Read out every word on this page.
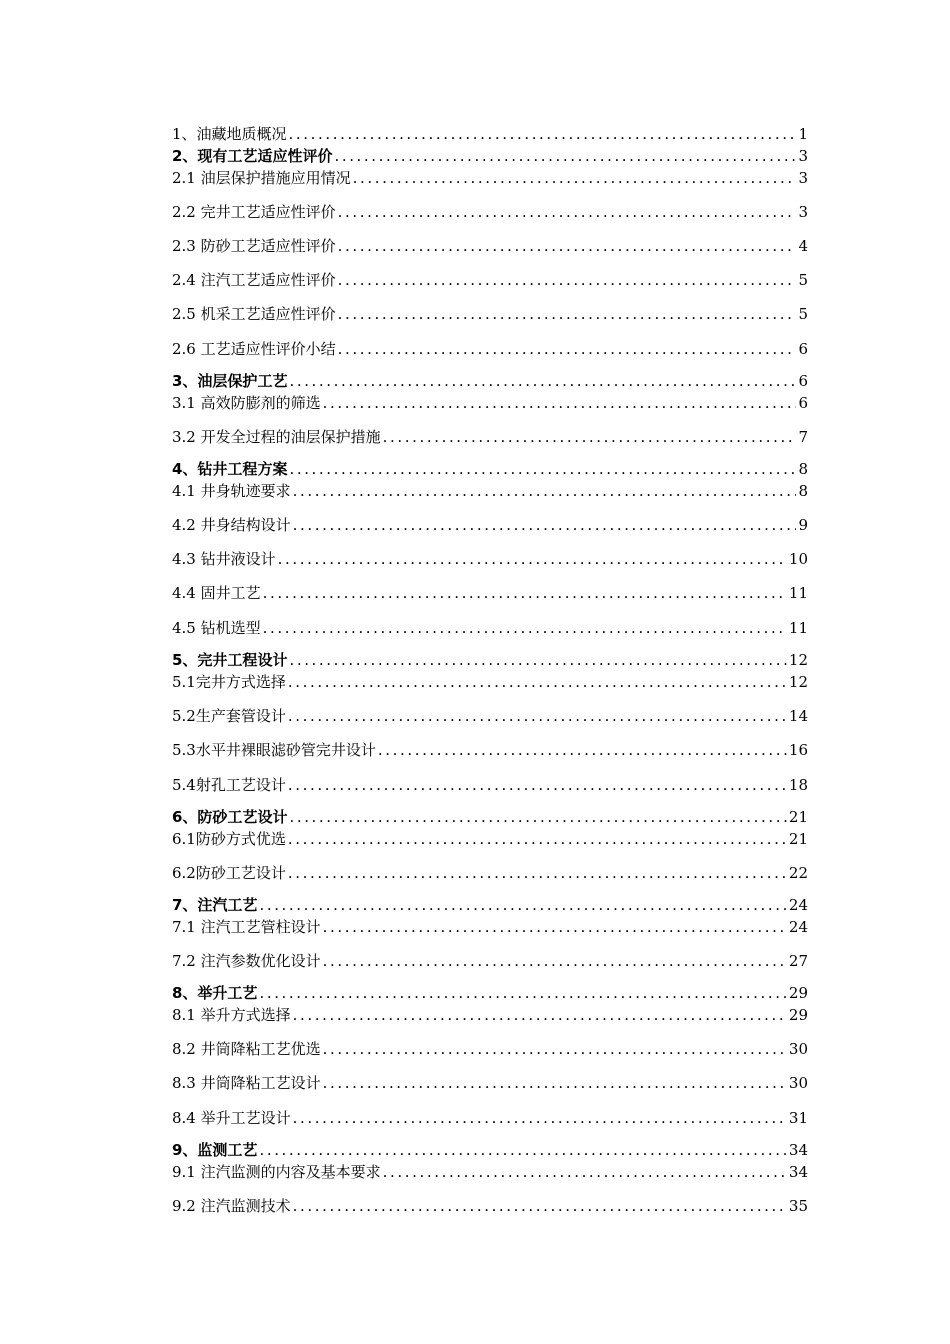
1、油藏地质概况 .....	1
2、现有工艺适应性评价 .....	3
2.1 油层保护措施应用情况 .....	3
2.2 完井工艺适应性评价 .....	3
2.3 防砂工艺适应性评价 .....	4
2.4 注汽工艺适应性评价 .....	5
2.5 机采工艺适应性评价 .....	5
2.6 工艺适应性评价小结 .....	6
3、油层保护工艺 .....	6
3.1 高效防膨剂的筛选 .....	6
3.2 开发全过程的油层保护措施 .....	7
4、钻井工程方案 .....	8
4.1 井身轨迹要求 .....	8
4.2 井身结构设计 .....	9
4.3 钻井液设计 .....	10
4.4 固井工艺 .....	11
4.5 钻机选型 .....	11
5、完井工程设计 .....	12
5.1完井方式选择 .....	12
5.2生产套管设计 .....	14
5.3水平井裸眼滤砂管完井设计 .....	16
5.4射孔工艺设计 .....	18
6、防砂工艺设计 .....	21
6.1防砂方式优选 .....	21
6.2防砂工艺设计 .....	22
7、注汽工艺 .....	24
7.1 注汽工艺管柱设计 .....	24
7.2 注汽参数优化设计 .....	27
8、举升工艺 .....	29
8.1 举升方式选择 .....	29
8.2 井筒降粘工艺优选 .....	30
8.3 井筒降粘工艺设计 .....	30
8.4 举升工艺设计 .....	31
9、监测工艺 .....	34
9.1 注汽监测的内容及基本要求 .....	34
9.2 注汽监测技术 .....	35
